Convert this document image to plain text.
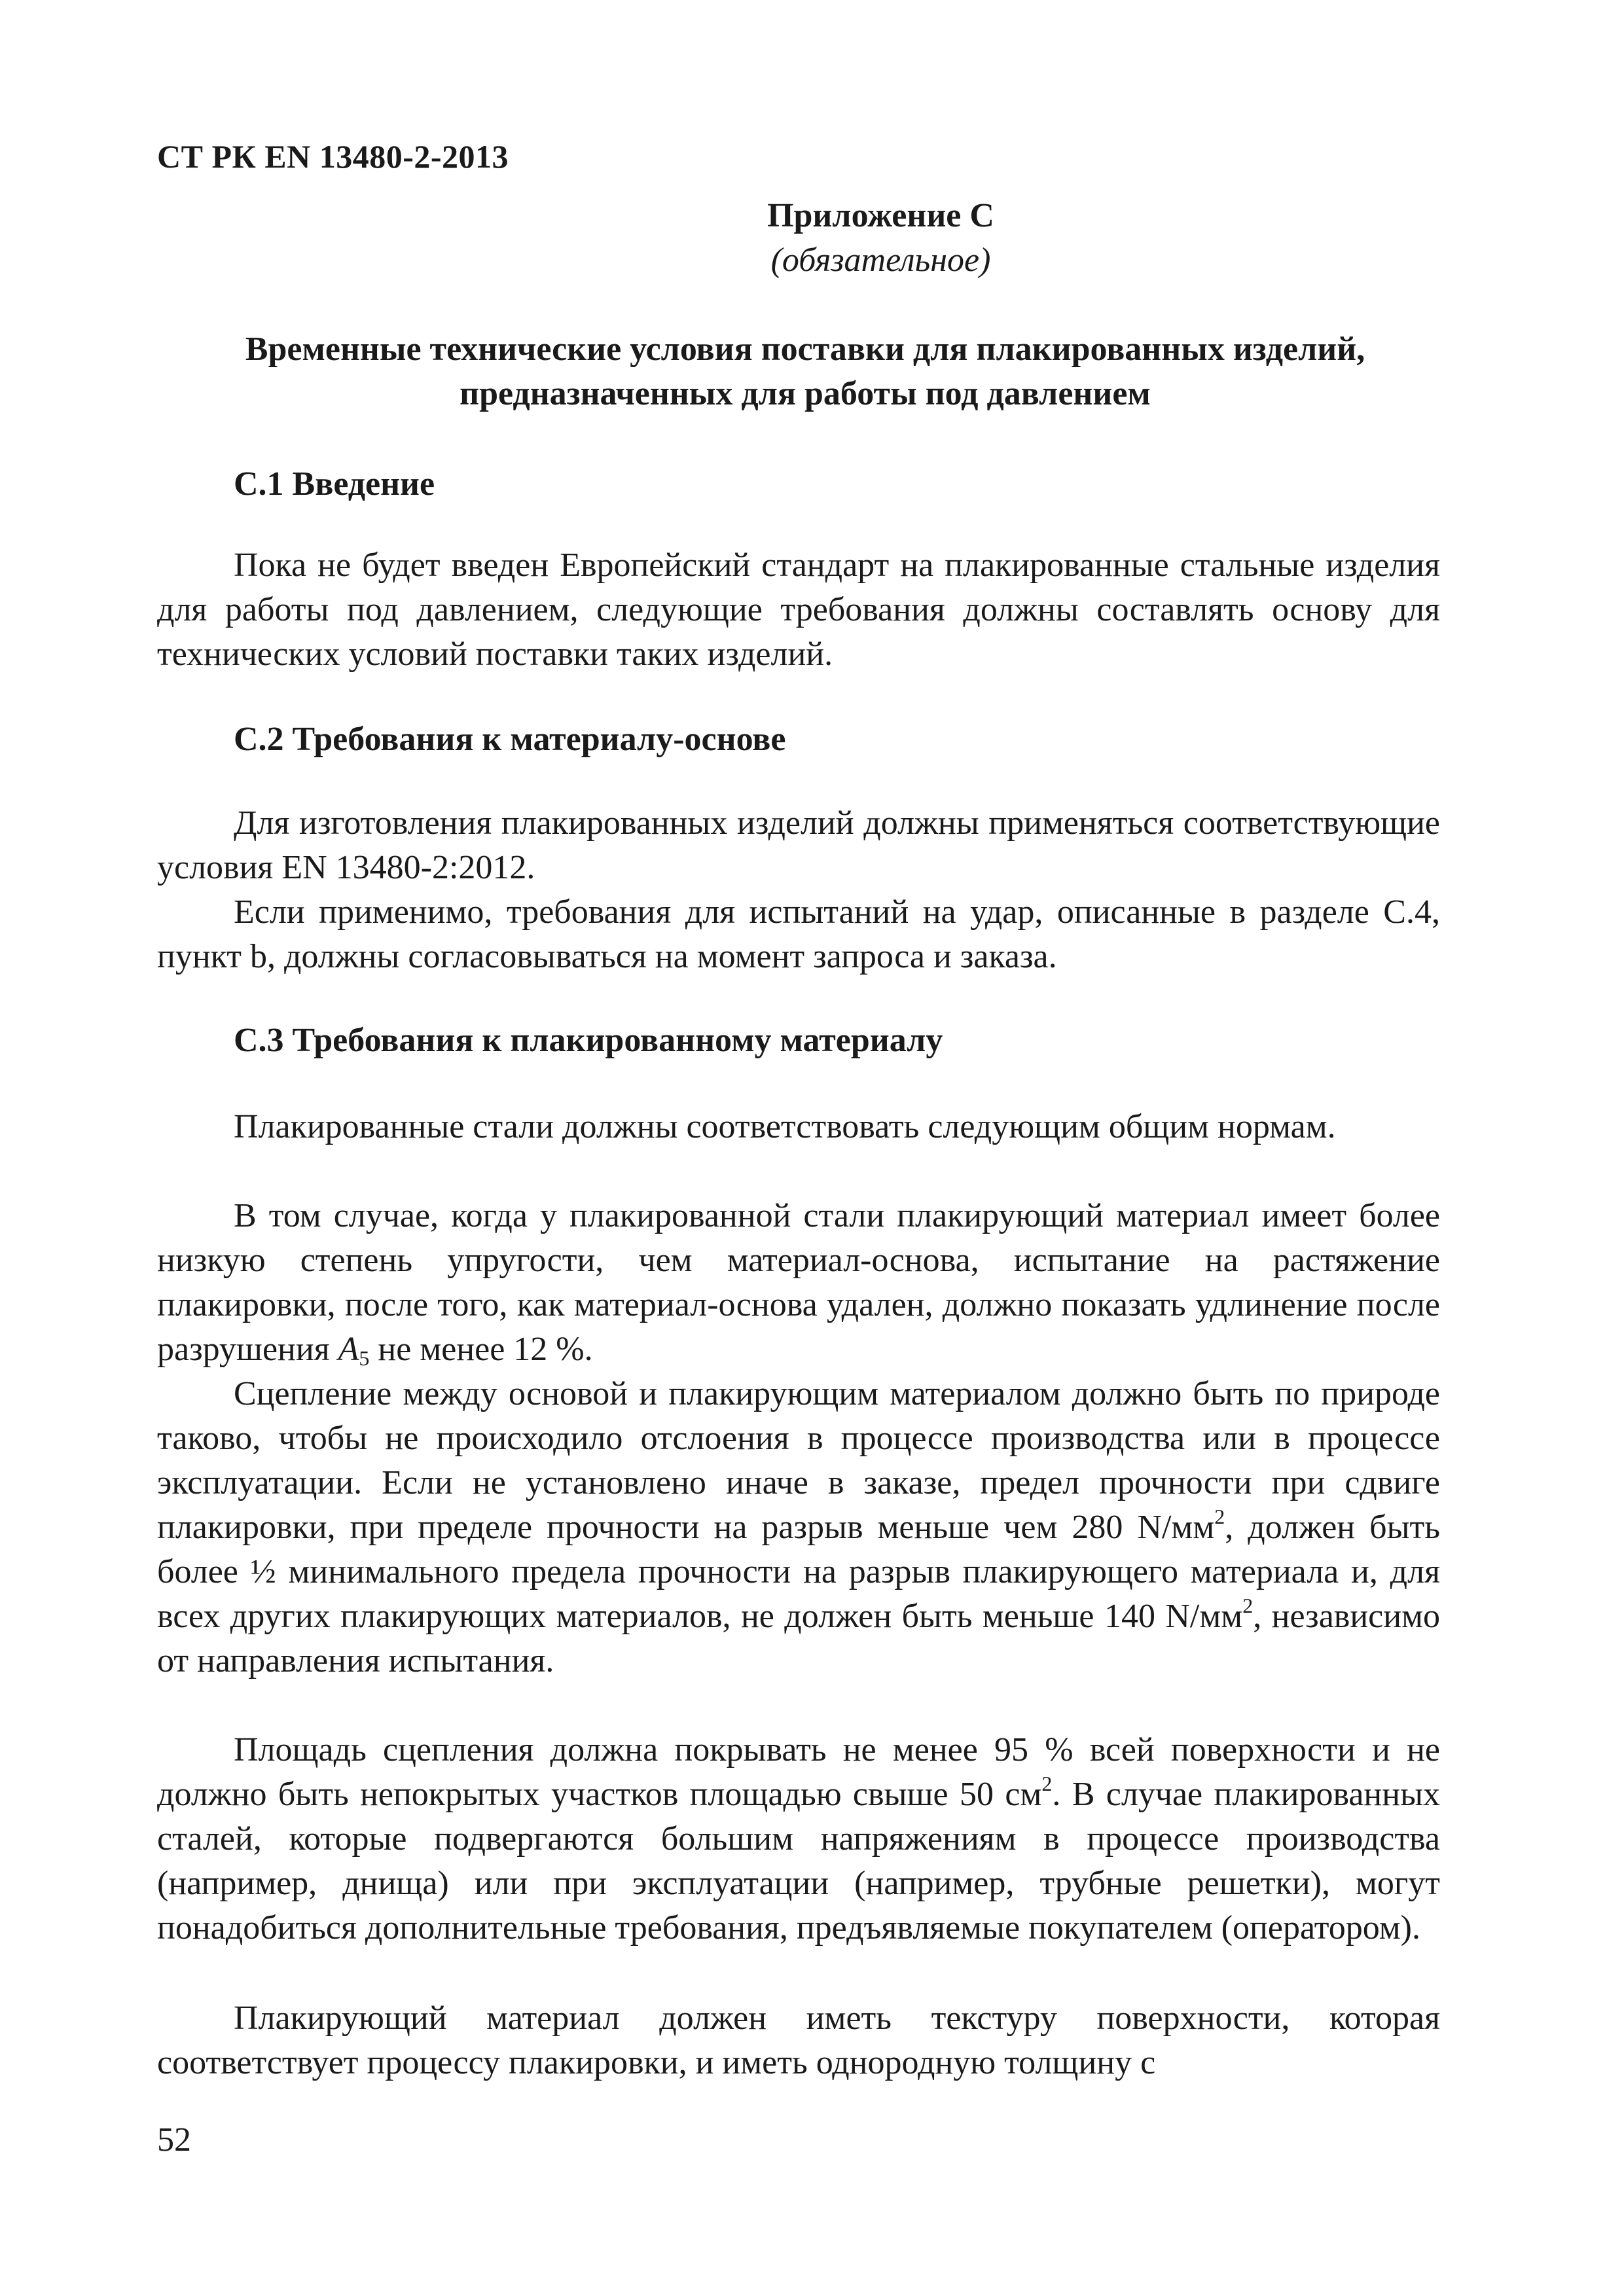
СТ РК EN 13480-2-2013
Приложение С
(обязательное)
Временные технические условия поставки для плакированных изделий,
предназначенных для работы под давлением
С.1 Введение
Пока не будет введен Европейский стандарт на плакированные стальные изделия для работы под давлением, следующие требования должны составлять основу для технических условий поставки таких изделий.
С.2 Требования к материалу-основе
Для изготовления плакированных изделий должны применяться соответствующие условия EN 13480-2:2012.
Если применимо, требования для испытаний на удар, описанные в разделе С.4, пункт b, должны согласовываться на момент запроса и заказа.
С.3 Требования к плакированному материалу
Плакированные стали должны соответствовать следующим общим нормам.
В том случае, когда у плакированной стали плакирующий материал имеет более низкую степень упругости, чем материал-основа, испытание на растяжение плакировки, после того, как материал-основа удален, должно показать удлинение после разрушения $A_5$ не менее 12 %.
Сцепление между основой и плакирующим материалом должно быть по природе таково, чтобы не происходило отслоения в процессе производства или в процессе эксплуатации. Если не установлено иначе в заказе, предел прочности при сдвиге плакировки, при пределе прочности на разрыв меньше чем 280 $N/мм^2$, должен быть более ½ минимального предела прочности на разрыв плакирующего материала и, для всех других плакирующих материалов, не должен быть меньше 140 $N/мм^2$, независимо от направления испытания.
Площадь сцепления должна покрывать не менее 95 % всей поверхности и не должно быть непокрытых участков площадью свыше 50 $см^2$. В случае плакированных сталей, которые подвергаются большим напряжениям в процессе производства (например, днища) или при эксплуатации (например, трубные решетки), могут понадобиться дополнительные требования, предъявляемые покупателем (оператором).
Плакирующий материал должен иметь текстуру поверхности, которая соответствует процессу плакировки, и иметь однородную толщину с
52
